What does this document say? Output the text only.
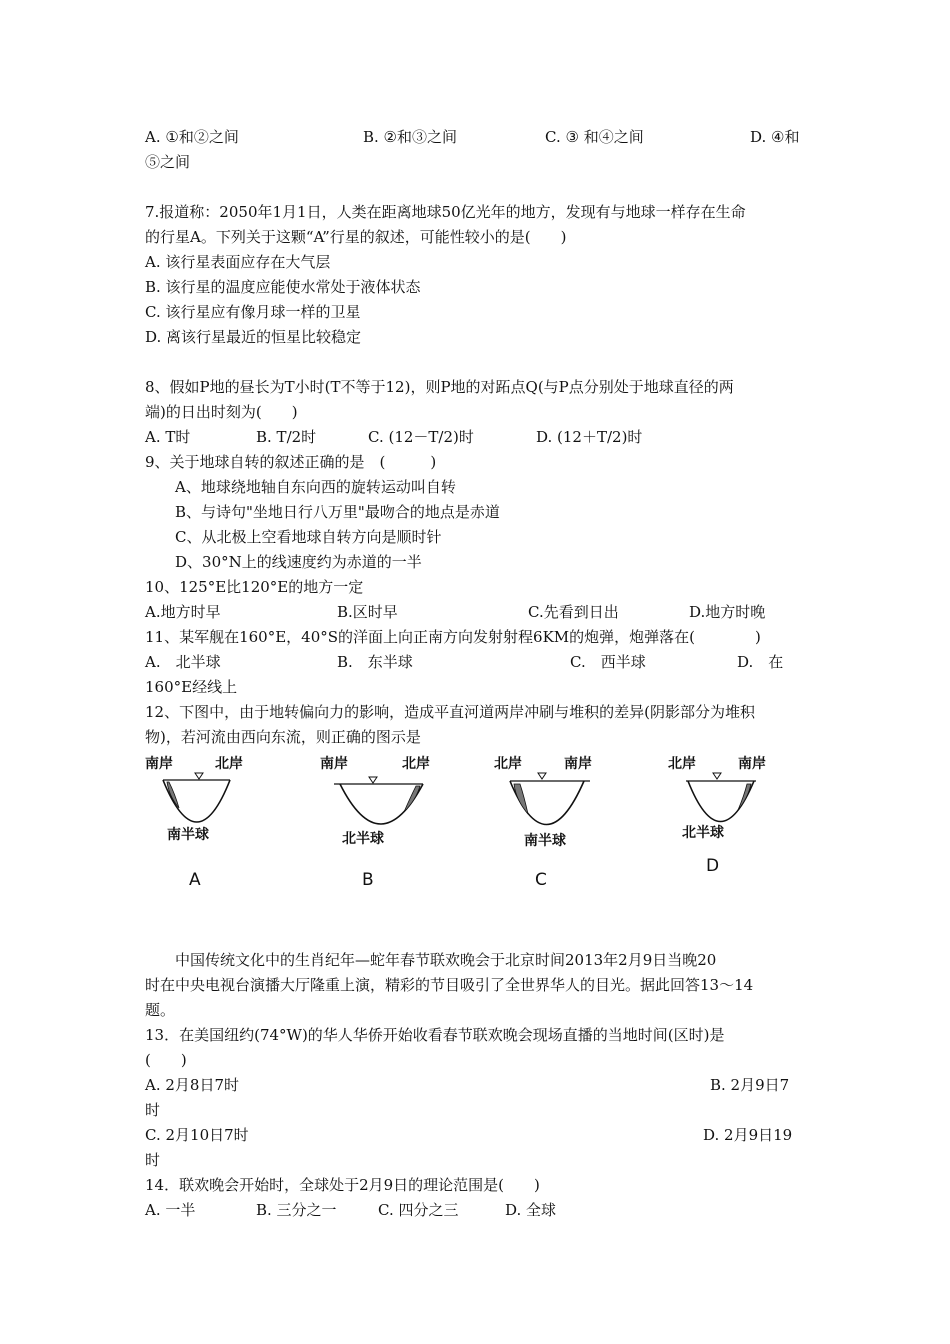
A. ①和②之间	B. ②和③之间	C. ③ 和④之间	D. ④和
⑤之间
7.报道称：2050年1月1日，人类在距离地球50亿光年的地方，发现有与地球一样存在生命
的行星A。下列关于这颗“A”行星的叙述，可能性较小的是(　　)
A. 该行星表面应存在大气层
B. 该行星的温度应能使水常处于液体状态
C. 该行星应有像月球一样的卫星
D. 离该行星最近的恒星比较稳定
8、假如P地的昼长为T小时(T不等于12)，则P地的对跖点Q(与P点分别处于地球直径的两
端)的日出时刻为(　　)
A. T时	B. T/2时	C. (12－T/2)时	D. (12＋T/2)时
9、关于地球自转的叙述正确的是　(　　　)
A、地球绕地轴自东向西的旋转运动叫自转
B、与诗句"坐地日行八万里"最吻合的地点是赤道
C、从北极上空看地球自转方向是顺时针
D、30°N上的线速度约为赤道的一半
10、125°E比120°E的地方一定
A.地方时早	B.区时早	C.先看到日出	D.地方时晚
11、某军舰在160°E，40°S的洋面上向正南方向发射射程6KM的炮弹，炮弹落在(　　　　)
A.　北半球	B.　东半球	C.　西半球	D.　在
160°E经线上
12、下图中，由于地转偏向力的影响，造成平直河道两岸冲刷与堆积的差异(阴影部分为堆积
物)，若河流由西向东流，则正确的图示是
南岸	北岸
南半球
A
南岸	北岸
北半球
B
北岸	南岸
南半球
C
北岸	南岸
北半球
D
中国传统文化中的生肖纪年—蛇年春节联欢晚会于北京时间2013年2月9日当晚20
时在中央电视台演播大厅隆重上演，精彩的节目吸引了全世界华人的目光。据此回答13～14
题。
13．在美国纽约(74°W)的华人华侨开始收看春节联欢晚会现场直播的当地时间(区时)是
(　　)
A. 2月8日7时	B. 2月9日7
时
C. 2月10日7时	D. 2月9日19
时
14．联欢晚会开始时，全球处于2月9日的理论范围是(　　)
A. 一半	B. 三分之一	C. 四分之三	D. 全球
